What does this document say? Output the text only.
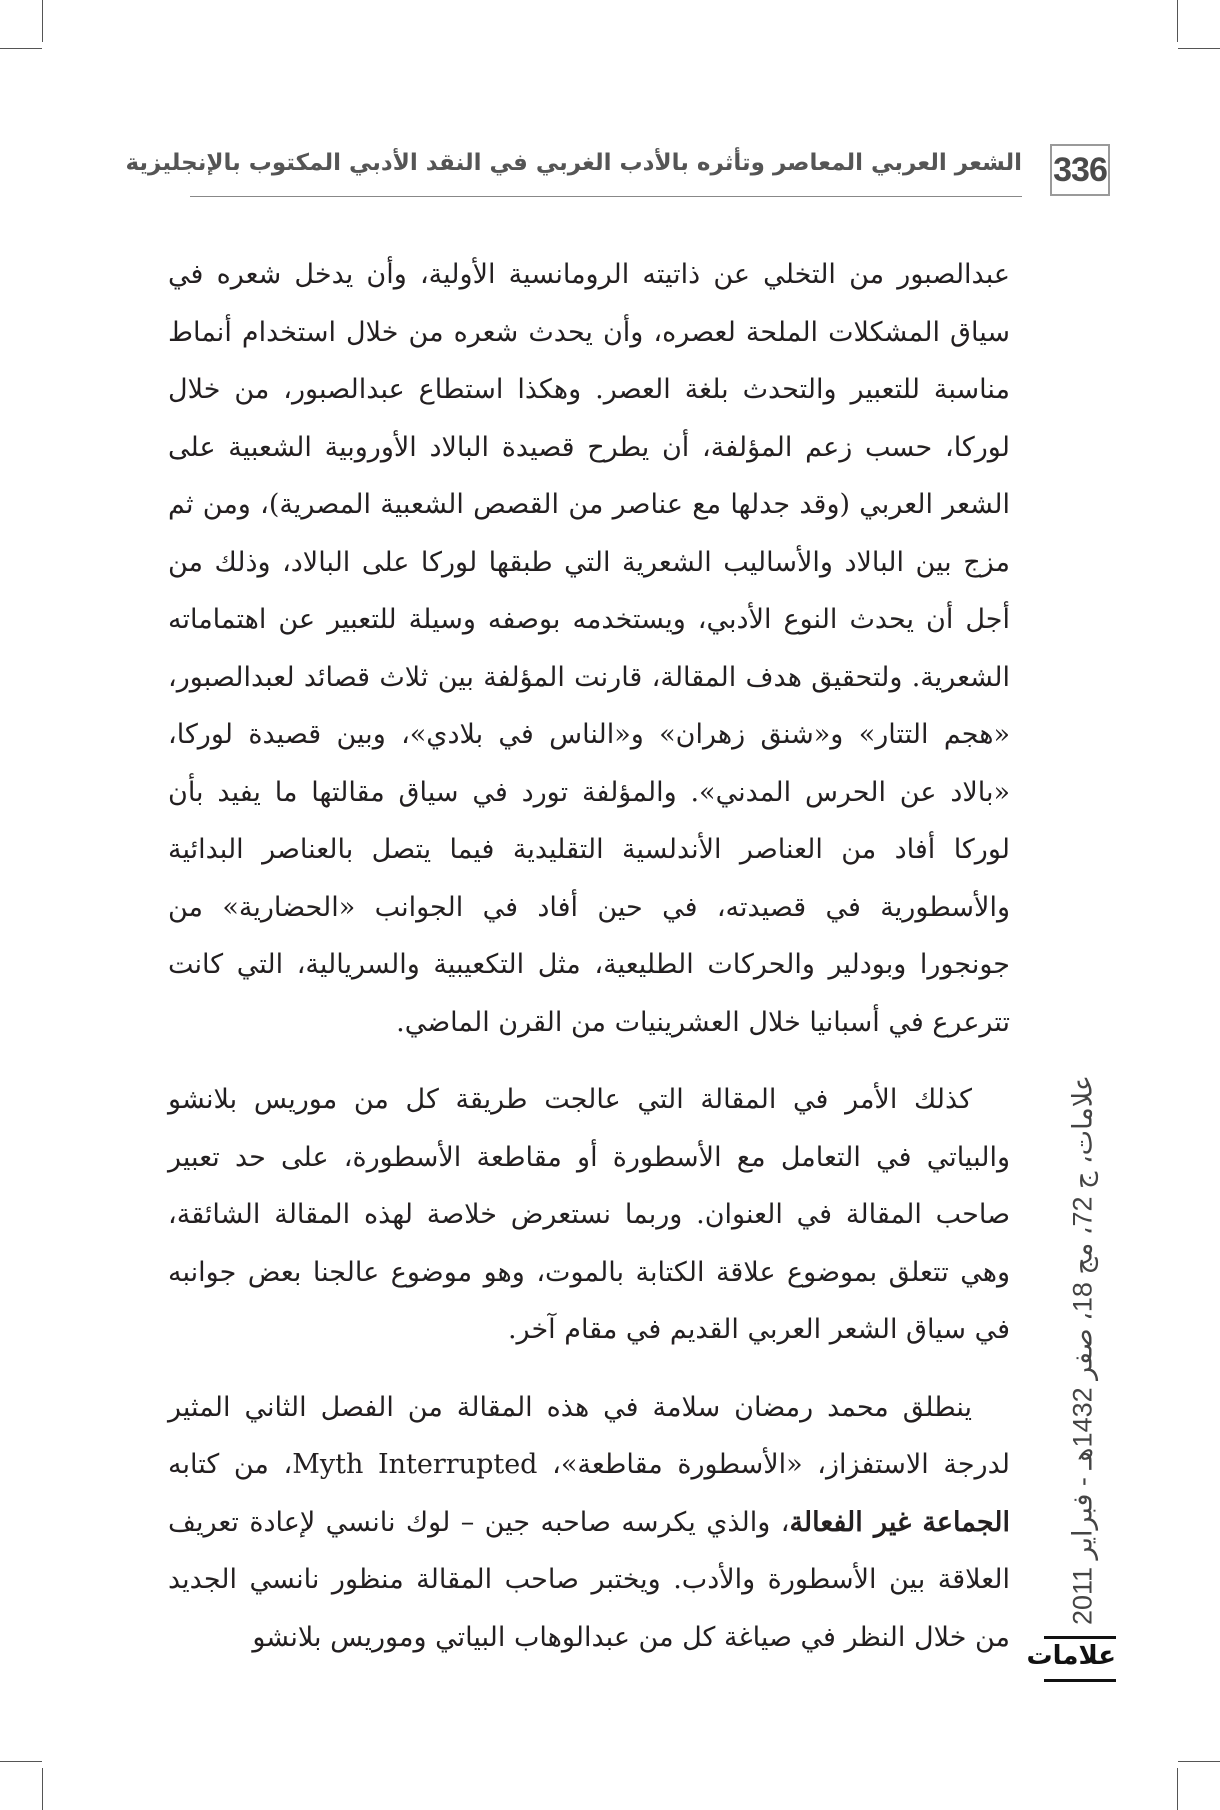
336
الشعر العربي المعاصر وتأثره بالأدب الغربي في النقد الأدبي المكتوب بالإنجليزية

عبدالصبور من التخلي عن ذاتيته الرومانسية الأولية، وأن يدخل شعره في سياق المشكلات الملحة لعصره، وأن يحدث شعره من خلال استخدام أنماط مناسبة للتعبير والتحدث بلغة العصر. وهكذا استطاع عبدالصبور، من خلال لوركا، حسب زعم المؤلفة، أن يطرح قصيدة البالاد الأوروبية الشعبية على الشعر العربي (وقد جدلها مع عناصر من القصص الشعبية المصرية)، ومن ثم مزج بين البالاد والأساليب الشعرية التي طبقها لوركا على البالاد، وذلك من أجل أن يحدث النوع الأدبي، ويستخدمه بوصفه وسيلة للتعبير عن اهتماماته الشعرية. ولتحقيق هدف المقالة، قارنت المؤلفة بين ثلاث قصائد لعبدالصبور، «هجم التتار» و«شنق زهران» و«الناس في بلادي»، وبين قصيدة لوركا، «بالاد عن الحرس المدني». والمؤلفة تورد في سياق مقالتها ما يفيد بأن لوركا أفاد من العناصر الأندلسية التقليدية فيما يتصل بالعناصر البدائية والأسطورية في قصيدته، في حين أفاد في الجوانب «الحضارية» من جونجورا وبودلير والحركات الطليعية، مثل التكعيبية والسريالية، التي كانت تترعرع في أسبانيا خلال العشرينيات من القرن الماضي.

كذلك الأمر في المقالة التي عالجت طريقة كل من موريس بلانشو والبياتي في التعامل مع الأسطورة أو مقاطعة الأسطورة، على حد تعبير صاحب المقالة في العنوان. وربما نستعرض خلاصة لهذه المقالة الشائقة، وهي تتعلق بموضوع علاقة الكتابة بالموت، وهو موضوع عالجنا بعض جوانبه في سياق الشعر العربي القديم في مقام آخر.

ينطلق محمد رمضان سلامة في هذه المقالة من الفصل الثاني المثير لدرجة الاستفزاز، «الأسطورة مقاطعة»، Myth Interrupted، من كتابه الجماعة غير الفعالة، والذي يكرسه صاحبه جين – لوك نانسي لإعادة تعريف العلاقة بين الأسطورة والأدب. ويختبر صاحب المقالة منظور نانسي الجديد من خلال النظر في صياغة كل من عبدالوهاب البياتي وموريس بلانشو

علامات، ج 72، مج 18، صفر 1432هـ - فبراير 2011
علامات
